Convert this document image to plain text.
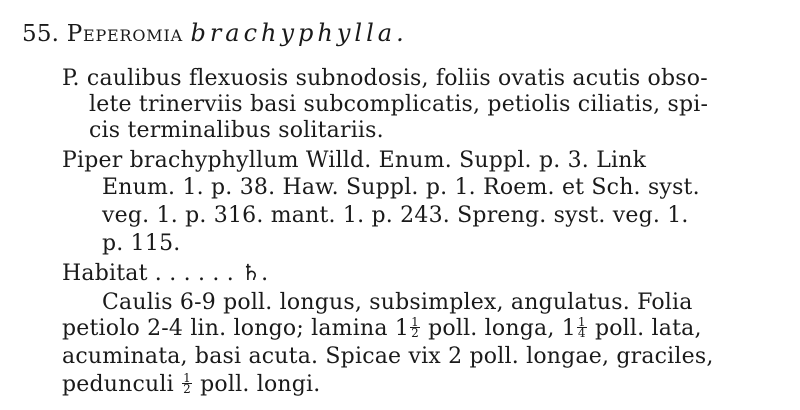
55. Peperomia brachyphylla.
P. caulibus flexuosis subnodosis, foliis ovatis acutis obso-
lete trinerviis basi subcomplicatis, petiolis ciliatis, spi-
cis terminalibus solitariis.
Piper brachyphyllum Willd. Enum. Suppl. p. 3. Link
Enum. 1. p. 38. Haw. Suppl. p. 1. Roem. et Sch. syst.
veg. 1. p. 316. mant. 1. p. 243. Spreng. syst. veg. 1.
p. 115.
Habitat . . . . . . ♄.
Caulis 6-9 poll. longus, subsimplex, angulatus. Folia
petiolo 2-4 lin. longo; lamina $1 \frac{1}{2}$ poll. longa, $1 \frac{1}{4}$ poll. lata,
acuminata, basi acuta. Spicae vix 2 poll. longae, graciles,
pedunculi $\frac{1}{2}$ poll. longi.
